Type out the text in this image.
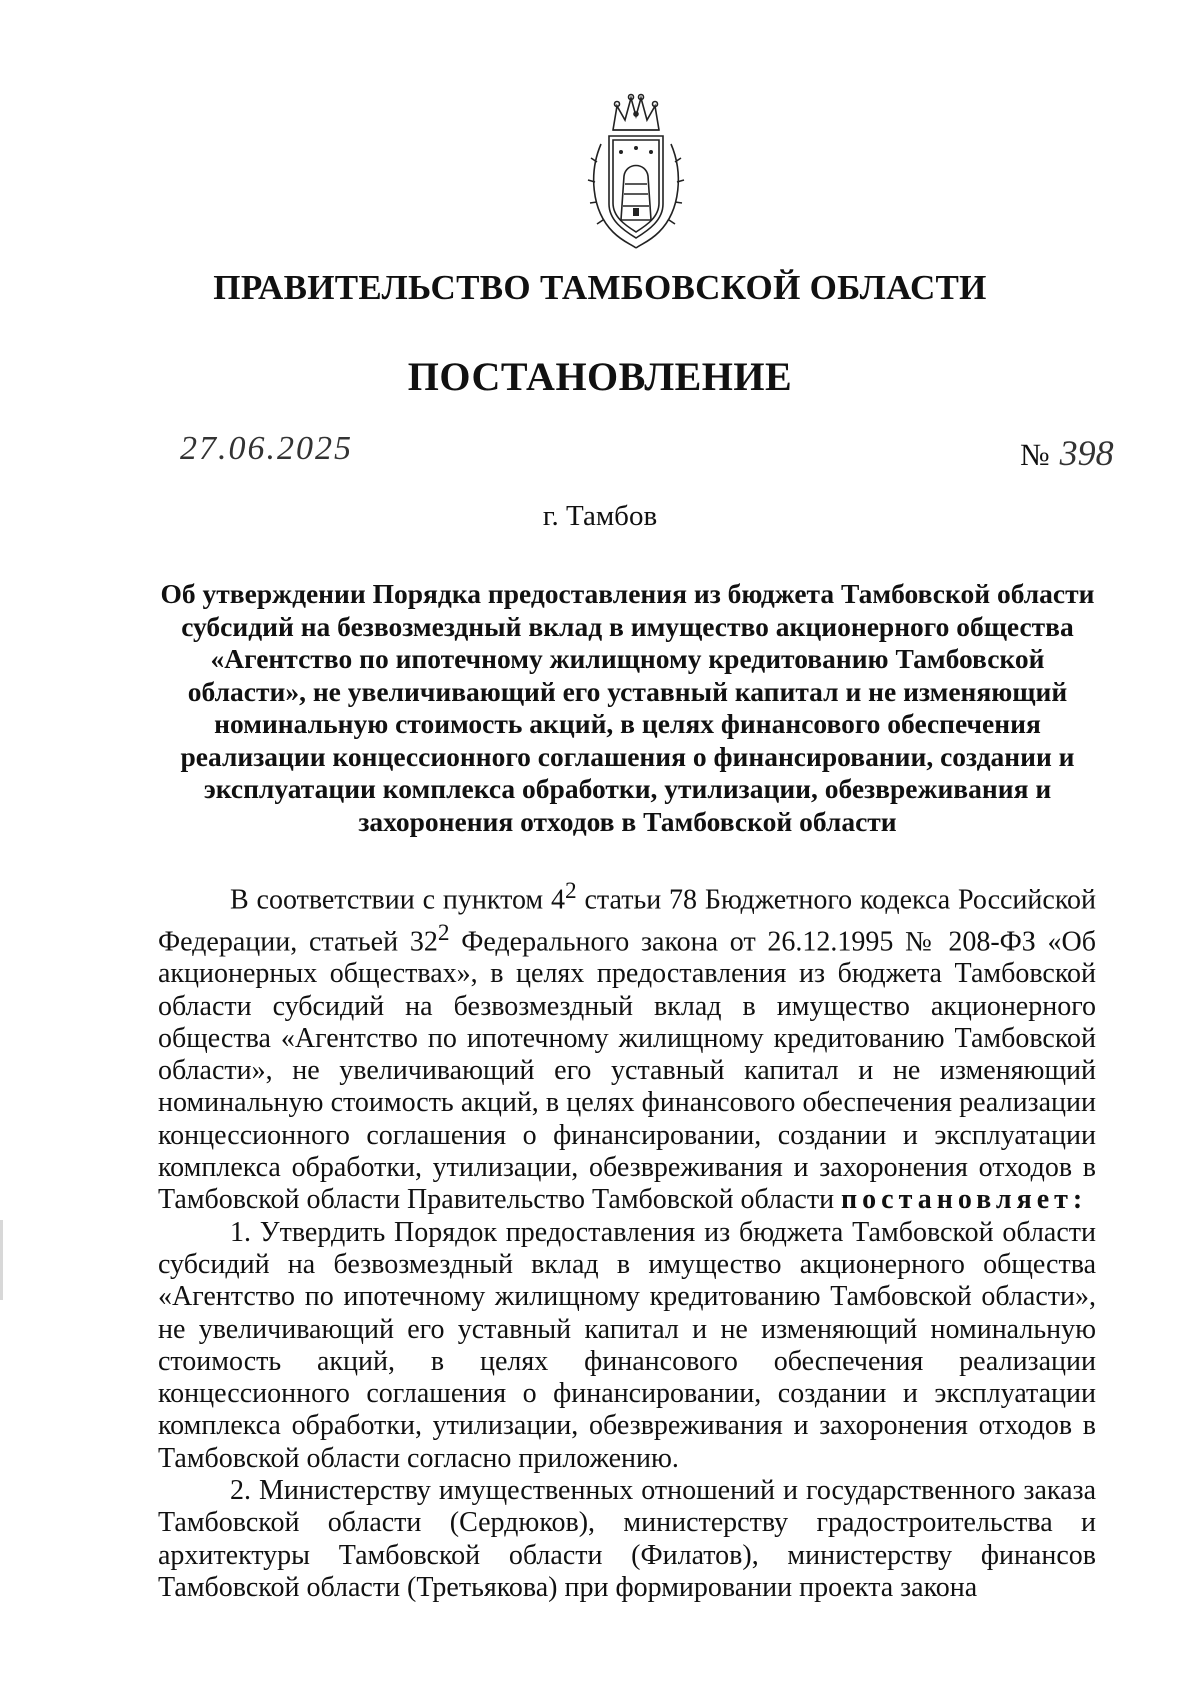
ПРАВИТЕЛЬСТВО ТАМБОВСКОЙ ОБЛАСТИ
ПОСТАНОВЛЕНИЕ
27.06.2025	№ 398
г. Тамбов
Об утверждении Порядка предоставления из бюджета Тамбовской области субсидий на безвозмездный вклад в имущество акционерного общества «Агентство по ипотечному жилищному кредитованию Тамбовской области», не увеличивающий его уставный капитал и не изменяющий номинальную стоимость акций, в целях финансового обеспечения реализации концессионного соглашения о финансировании, создании и эксплуатации комплекса обработки, утилизации, обезвреживания и захоронения отходов в Тамбовской области

В соответствии с пунктом $4^2$ статьи 78 Бюджетного кодекса Российской Федерации, статьей $32^2$ Федерального закона от 26.12.1995 № 208-ФЗ «Об акционерных обществах», в целях предоставления из бюджета Тамбовской области субсидий на безвозмездный вклад в имущество акционерного общества «Агентство по ипотечному жилищному кредитованию Тамбовской области», не увеличивающий его уставный капитал и не изменяющий номинальную стоимость акций, в целях финансового обеспечения реализации концессионного соглашения о финансировании, создании и эксплуатации комплекса обработки, утилизации, обезвреживания и захоронения отходов в Тамбовской области Правительство Тамбовской области постановляет:

1. Утвердить Порядок предоставления из бюджета Тамбовской области субсидий на безвозмездный вклад в имущество акционерного общества «Агентство по ипотечному жилищному кредитованию Тамбовской области», не увеличивающий его уставный капитал и не изменяющий номинальную стоимость акций, в целях финансового обеспечения реализации концессионного соглашения о финансировании, создании и эксплуатации комплекса обработки, утилизации, обезвреживания и захоронения отходов в Тамбовской области согласно приложению.

2. Министерству имущественных отношений и государственного заказа Тамбовской области (Сердюков), министерству градостроительства и архитектуры Тамбовской области (Филатов), министерству финансов Тамбовской области (Третьякова) при формировании проекта закона
